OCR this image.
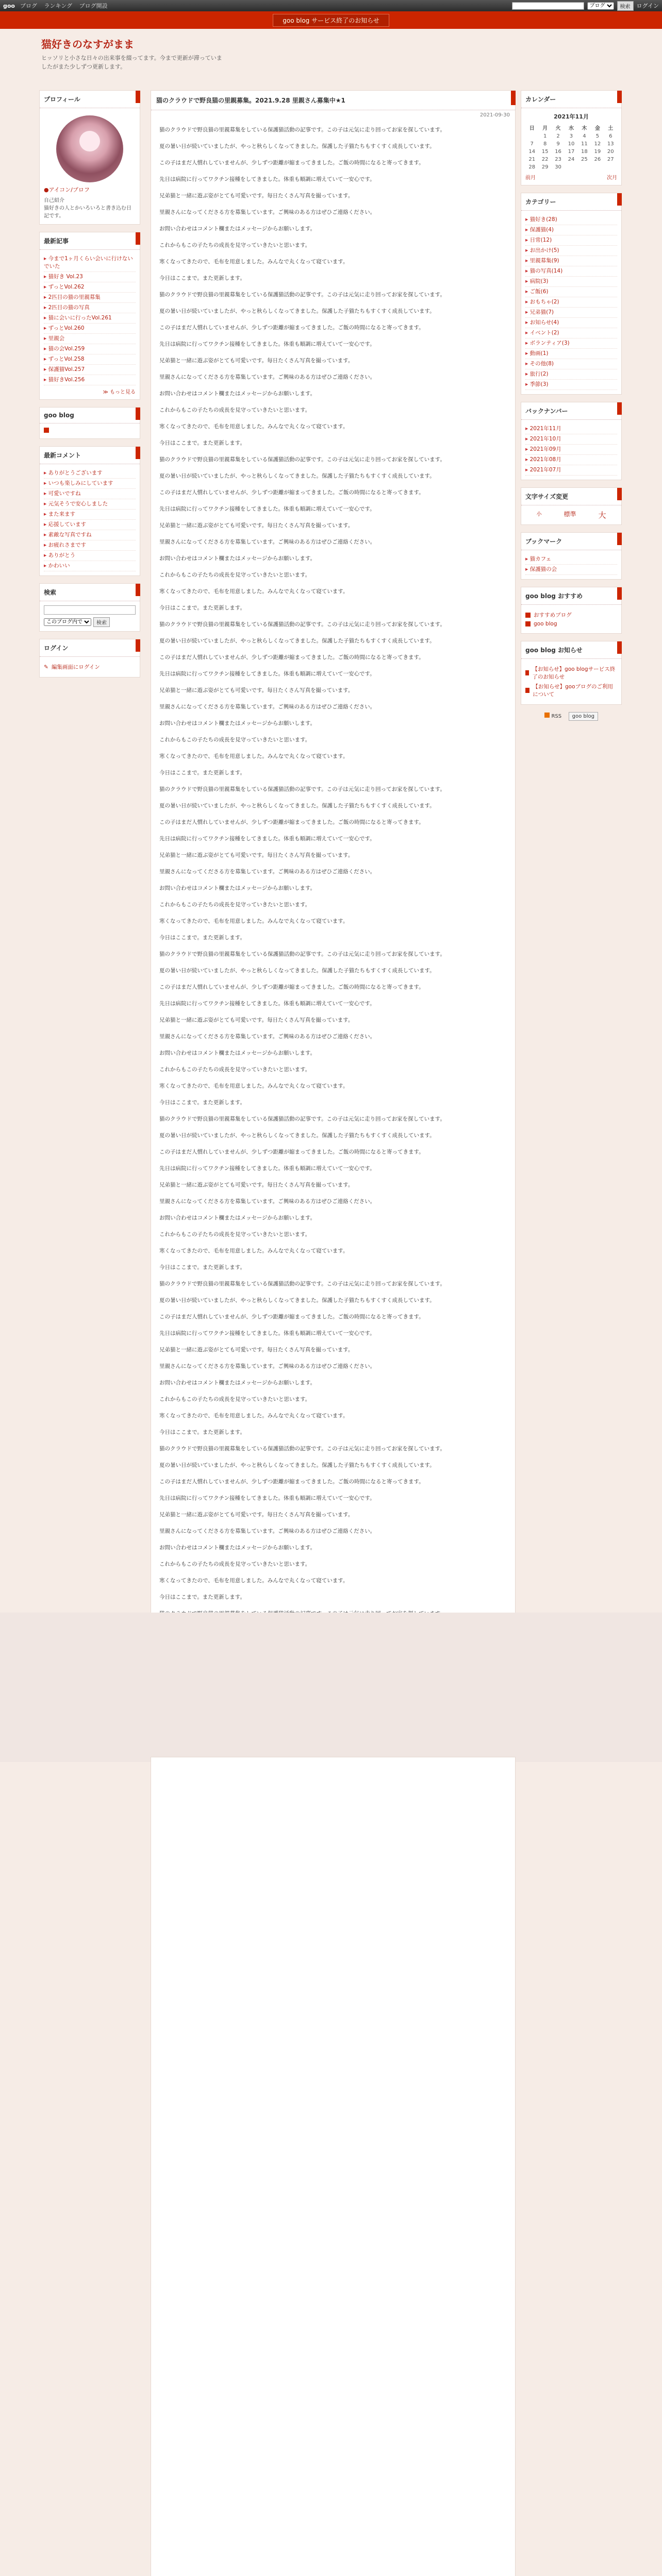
goo ブログ ランキング ブログ開設
ブログ	検索	ログイン
goo blog サービス終了のお知らせ
猫好きのなすがまま
ヒッソリと小さな日々の出来事を綴ってます。今まで更新が滞っていましたがまた少しずつ更新します。
プロフィール
●アイコン/プロフ
自己紹介
猫好きの人とかいろいろと書き込む日記です。
最新記事
▸ 今まで1ヶ月くらい会いに行けないでいた
▸ 猫好き Vol.23
▸ ずっとVol.262
▸ 2匹目の猫の里親募集
▸ 2匹目の猫の写真
▸ 猫に会いに行ったVol.261
▸ ずっとVol.260
▸ 里親会
▸ 猫の会Vol.259
▸ ずっとVol.258
▸ 保護猫Vol.257
▸ 猫好きVol.256
≫ もっと見る
goo blog
最新コメント
▸ ありがとうございます
▸ いつも楽しみにしています
▸ 可愛いですね
▸ 元気そうで安心しました
▸ また来ます
▸ 応援しています
▸ 素敵な写真ですね
▸ お疲れさまです
▸ ありがとう
▸ かわいい
検索
このブログ内で
検索
ログイン
✎ 編集画面にログイン
猫のクラウドで野良猫の里親募集。2021.9.28 里親さん募集中★1
2021-09-30

猫のクラウドで野良猫の里親募集をしている保護猫活動の記事です。この子は元気に走り回ってお家を探しています。

夏の暑い日が続いていましたが、やっと秋らしくなってきました。保護した子猫たちもすくすく成長しています。

この子はまだ人慣れしていませんが、少しずつ距離が縮まってきました。ご飯の時間になると寄ってきます。

先日は病院に行ってワクチン接種をしてきました。体重も順調に増えていて一安心です。

兄弟猫と一緒に遊ぶ姿がとても可愛いです。毎日たくさん写真を撮っています。

里親さんになってくださる方を募集しています。ご興味のある方はぜひご連絡ください。

お問い合わせはコメント欄またはメッセージからお願いします。

これからもこの子たちの成長を見守っていきたいと思います。

寒くなってきたので、毛布を用意しました。みんなで丸くなって寝ています。

今日はここまで。また更新します。

猫のクラウドで野良猫の里親募集をしている保護猫活動の記事です。この子は元気に走り回ってお家を探しています。

夏の暑い日が続いていましたが、やっと秋らしくなってきました。保護した子猫たちもすくすく成長しています。

この子はまだ人慣れしていませんが、少しずつ距離が縮まってきました。ご飯の時間になると寄ってきます。

先日は病院に行ってワクチン接種をしてきました。体重も順調に増えていて一安心です。

兄弟猫と一緒に遊ぶ姿がとても可愛いです。毎日たくさん写真を撮っています。

里親さんになってくださる方を募集しています。ご興味のある方はぜひご連絡ください。

お問い合わせはコメント欄またはメッセージからお願いします。

これからもこの子たちの成長を見守っていきたいと思います。

寒くなってきたので、毛布を用意しました。みんなで丸くなって寝ています。

今日はここまで。また更新します。

猫のクラウドで野良猫の里親募集をしている保護猫活動の記事です。この子は元気に走り回ってお家を探しています。

夏の暑い日が続いていましたが、やっと秋らしくなってきました。保護した子猫たちもすくすく成長しています。

この子はまだ人慣れしていませんが、少しずつ距離が縮まってきました。ご飯の時間になると寄ってきます。

先日は病院に行ってワクチン接種をしてきました。体重も順調に増えていて一安心です。

兄弟猫と一緒に遊ぶ姿がとても可愛いです。毎日たくさん写真を撮っています。

里親さんになってくださる方を募集しています。ご興味のある方はぜひご連絡ください。

お問い合わせはコメント欄またはメッセージからお願いします。

これからもこの子たちの成長を見守っていきたいと思います。

寒くなってきたので、毛布を用意しました。みんなで丸くなって寝ています。

今日はここまで。また更新します。

猫のクラウドで野良猫の里親募集をしている保護猫活動の記事です。この子は元気に走り回ってお家を探しています。

夏の暑い日が続いていましたが、やっと秋らしくなってきました。保護した子猫たちもすくすく成長しています。

この子はまだ人慣れしていませんが、少しずつ距離が縮まってきました。ご飯の時間になると寄ってきます。

先日は病院に行ってワクチン接種をしてきました。体重も順調に増えていて一安心です。

兄弟猫と一緒に遊ぶ姿がとても可愛いです。毎日たくさん写真を撮っています。

里親さんになってくださる方を募集しています。ご興味のある方はぜひご連絡ください。

お問い合わせはコメント欄またはメッセージからお願いします。

これからもこの子たちの成長を見守っていきたいと思います。

寒くなってきたので、毛布を用意しました。みんなで丸くなって寝ています。

今日はここまで。また更新します。

猫のクラウドで野良猫の里親募集をしている保護猫活動の記事です。この子は元気に走り回ってお家を探しています。

夏の暑い日が続いていましたが、やっと秋らしくなってきました。保護した子猫たちもすくすく成長しています。

この子はまだ人慣れしていませんが、少しずつ距離が縮まってきました。ご飯の時間になると寄ってきます。

先日は病院に行ってワクチン接種をしてきました。体重も順調に増えていて一安心です。

兄弟猫と一緒に遊ぶ姿がとても可愛いです。毎日たくさん写真を撮っています。

里親さんになってくださる方を募集しています。ご興味のある方はぜひご連絡ください。

お問い合わせはコメント欄またはメッセージからお願いします。

これからもこの子たちの成長を見守っていきたいと思います。

寒くなってきたので、毛布を用意しました。みんなで丸くなって寝ています。

今日はここまで。また更新します。

猫のクラウドで野良猫の里親募集をしている保護猫活動の記事です。この子は元気に走り回ってお家を探しています。

夏の暑い日が続いていましたが、やっと秋らしくなってきました。保護した子猫たちもすくすく成長しています。

この子はまだ人慣れしていませんが、少しずつ距離が縮まってきました。ご飯の時間になると寄ってきます。

先日は病院に行ってワクチン接種をしてきました。体重も順調に増えていて一安心です。

兄弟猫と一緒に遊ぶ姿がとても可愛いです。毎日たくさん写真を撮っています。

里親さんになってくださる方を募集しています。ご興味のある方はぜひご連絡ください。

お問い合わせはコメント欄またはメッセージからお願いします。

これからもこの子たちの成長を見守っていきたいと思います。

寒くなってきたので、毛布を用意しました。みんなで丸くなって寝ています。

今日はここまで。また更新します。

猫のクラウドで野良猫の里親募集をしている保護猫活動の記事です。この子は元気に走り回ってお家を探しています。

夏の暑い日が続いていましたが、やっと秋らしくなってきました。保護した子猫たちもすくすく成長しています。

この子はまだ人慣れしていませんが、少しずつ距離が縮まってきました。ご飯の時間になると寄ってきます。

先日は病院に行ってワクチン接種をしてきました。体重も順調に増えていて一安心です。

兄弟猫と一緒に遊ぶ姿がとても可愛いです。毎日たくさん写真を撮っています。

里親さんになってくださる方を募集しています。ご興味のある方はぜひご連絡ください。

お問い合わせはコメント欄またはメッセージからお願いします。

これからもこの子たちの成長を見守っていきたいと思います。

寒くなってきたので、毛布を用意しました。みんなで丸くなって寝ています。

今日はここまで。また更新します。

猫のクラウドで野良猫の里親募集をしている保護猫活動の記事です。この子は元気に走り回ってお家を探しています。

夏の暑い日が続いていましたが、やっと秋らしくなってきました。保護した子猫たちもすくすく成長しています。

この子はまだ人慣れしていませんが、少しずつ距離が縮まってきました。ご飯の時間になると寄ってきます。

先日は病院に行ってワクチン接種をしてきました。体重も順調に増えていて一安心です。

兄弟猫と一緒に遊ぶ姿がとても可愛いです。毎日たくさん写真を撮っています。

里親さんになってくださる方を募集しています。ご興味のある方はぜひご連絡ください。

お問い合わせはコメント欄またはメッセージからお願いします。

これからもこの子たちの成長を見守っていきたいと思います。

寒くなってきたので、毛布を用意しました。みんなで丸くなって寝ています。

今日はここまで。また更新します。

猫のクラウドで野良猫の里親募集をしている保護猫活動の記事です。この子は元気に走り回ってお家を探しています。

夏の暑い日が続いていましたが、やっと秋らしくなってきました。保護した子猫たちもすくすく成長しています。

この子はまだ人慣れしていませんが、少しずつ距離が縮まってきました。ご飯の時間になると寄ってきます。

先日は病院に行ってワクチン接種をしてきました。体重も順調に増えていて一安心です。

兄弟猫と一緒に遊ぶ姿がとても可愛いです。毎日たくさん写真を撮っています。

里親さんになってくださる方を募集しています。ご興味のある方はぜひご連絡ください。

お問い合わせはコメント欄またはメッセージからお願いします。

これからもこの子たちの成長を見守っていきたいと思います。

寒くなってきたので、毛布を用意しました。みんなで丸くなって寝ています。

今日はここまで。また更新します。

カレンダー
2021年11月
日	月	火	水	木	金	土
	1	2	3	4	5	6
7	8	9	10	11	12	13
14	15	16	17	18	19	20
21	22	23	24	25	26	27
28	29	30				
前月	次月
カテゴリー
▸ 猫好き(28)
▸ 保護猫(4)
▸ 日常(12)
▸ お出かけ(5)
▸ 里親募集(9)
▸ 猫の写真(14)
▸ 病院(3)
▸ ご飯(6)
▸ おもちゃ(2)
▸ 兄弟猫(7)
▸ お知らせ(4)
▸ イベント(2)
▸ ボランティア(3)
▸ 動画(1)
▸ その他(8)
▸ 旅行(2)
▸ 季節(3)
バックナンバー
▸ 2021年11月
▸ 2021年10月
▸ 2021年09月
▸ 2021年08月
▸ 2021年07月
文字サイズ変更
小	標準	大
ブックマーク
▸ 猫カフェ
▸ 保護猫の会
goo blog おすすめ
おすすめブログ
goo blog
goo blog お知らせ
【お知らせ】goo blogサービス終了のお知らせ
【お知らせ】gooブログのご利用について
RSS goo blog
